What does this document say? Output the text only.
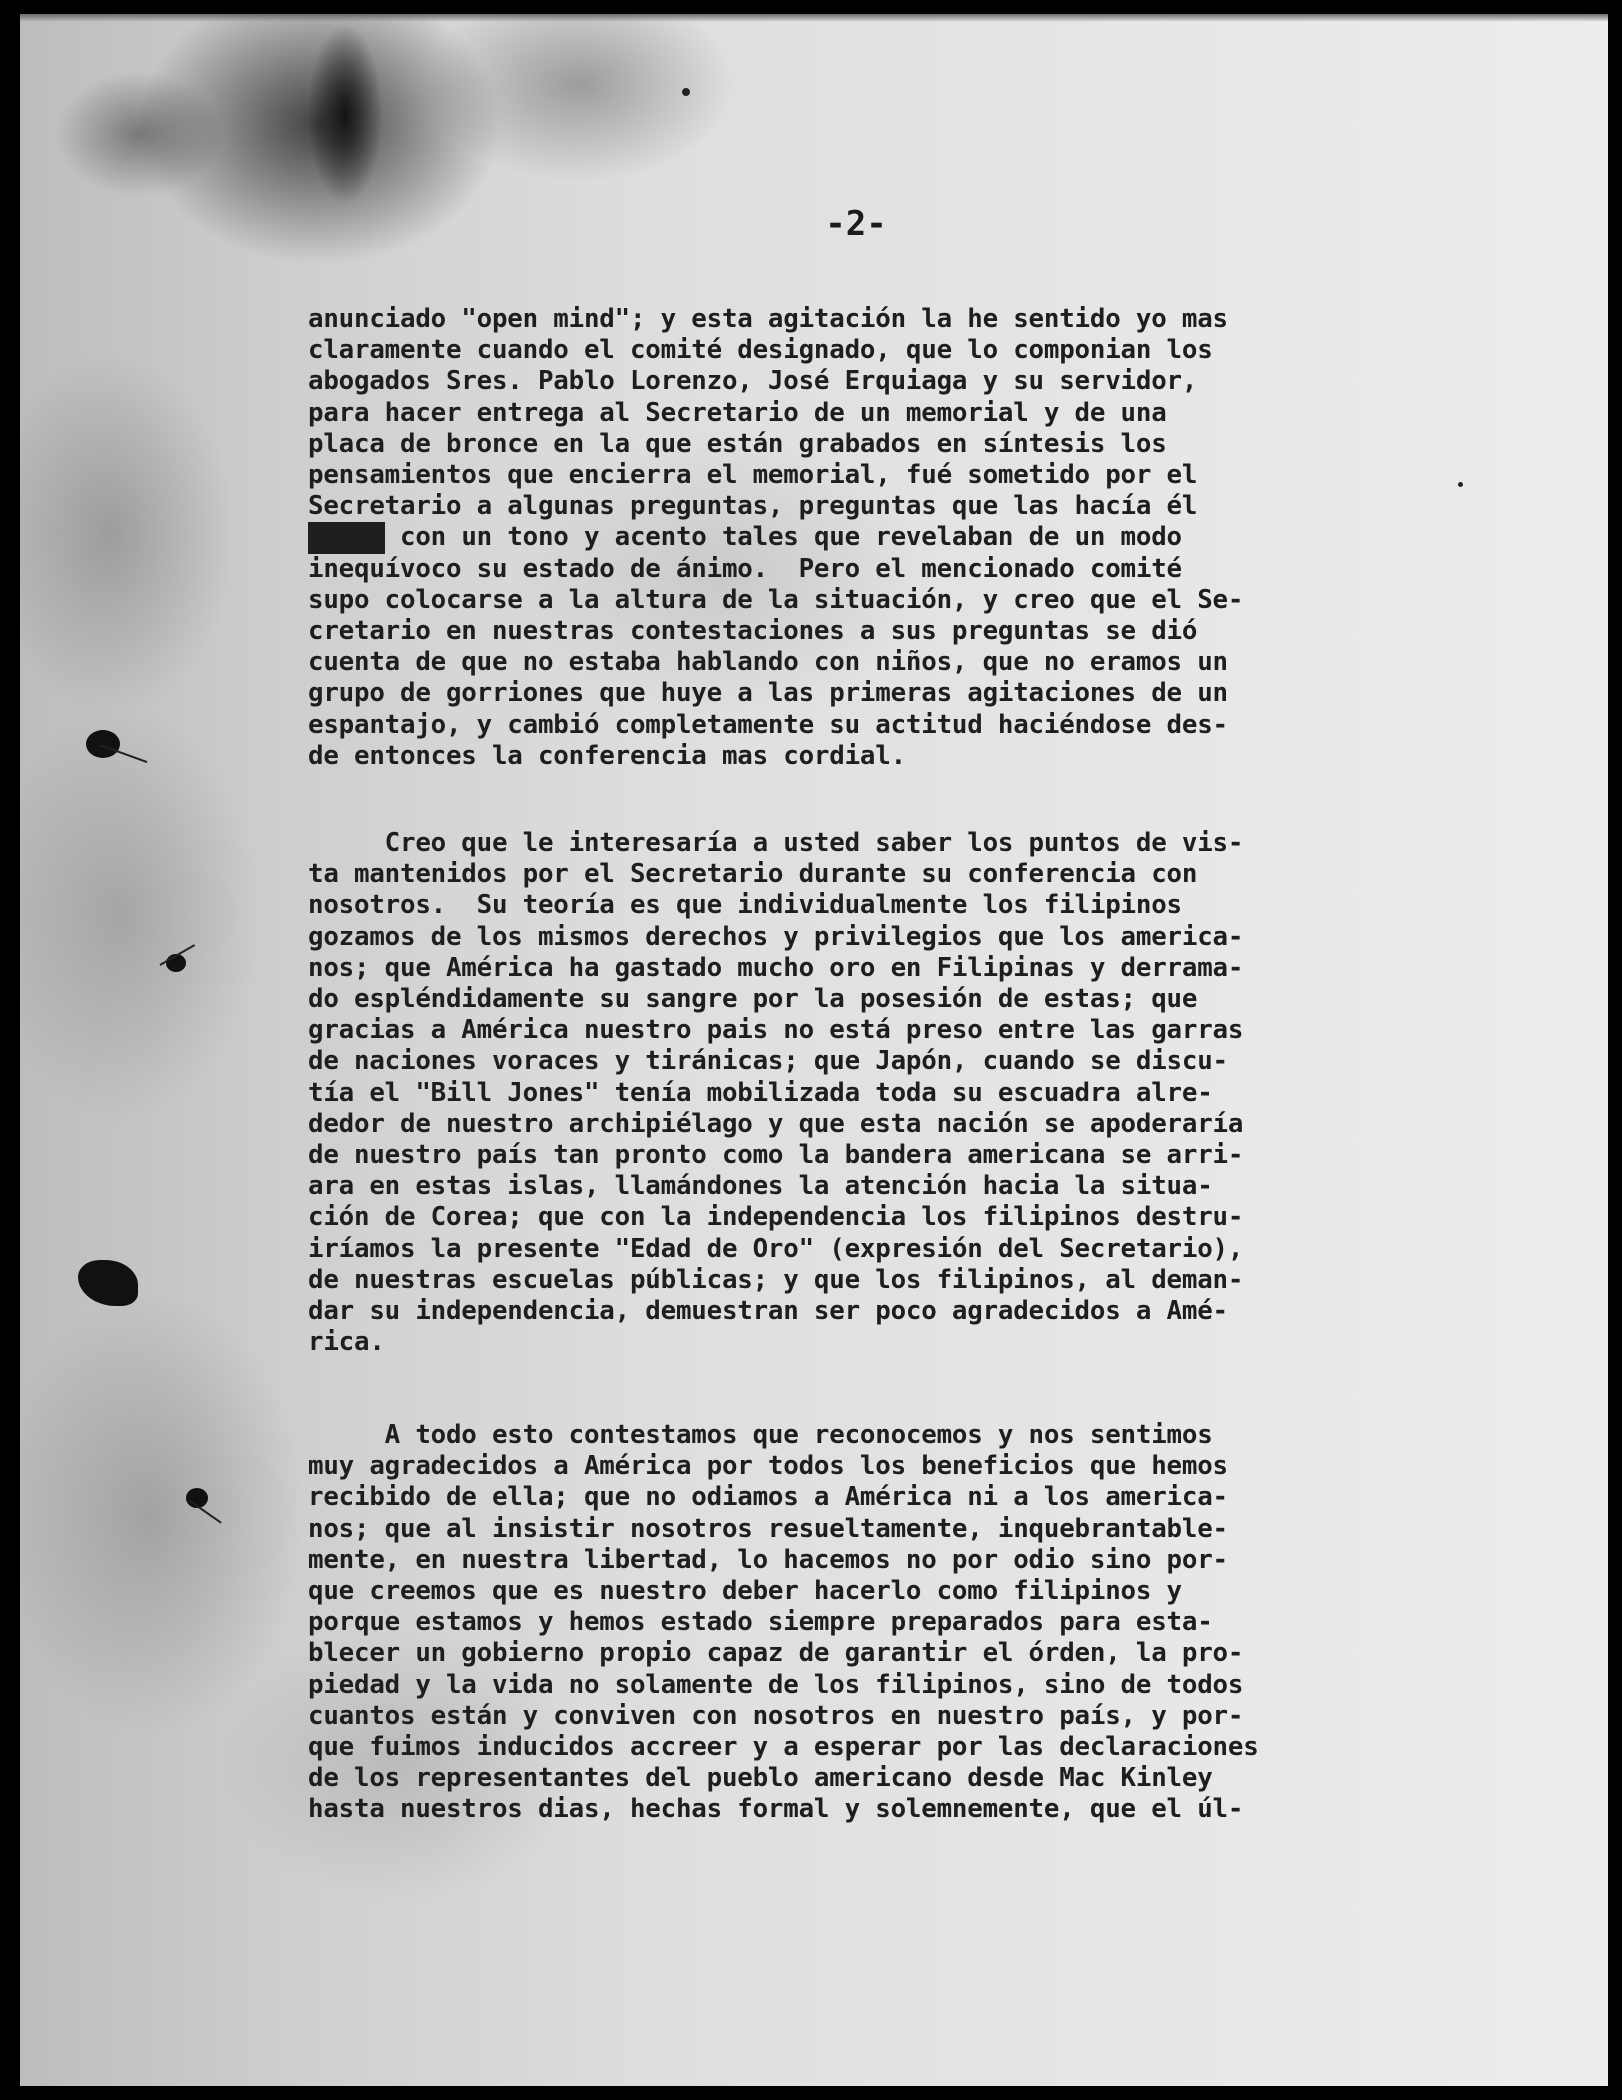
-2-
anunciado "open mind"; y esta agitación la he sentido yo mas
claramente cuando el comité designado, que lo componian los
abogados Sres. Pablo Lorenzo, José Erquiaga y su servidor,
para hacer entrega al Secretario de un memorial y de una
placa de bronce en la que están grabados en síntesis los
pensamientos que encierra el memorial, fué sometido por el
Secretario a algunas preguntas, preguntas que las hacía él
mismo con un tono y acento tales que revelaban de un modo
inequívoco su estado de ánimo.  Pero el mencionado comité
supo colocarse a la altura de la situación, y creo que el Se-
cretario en nuestras contestaciones a sus preguntas se dió
cuenta de que no estaba hablando con niños, que no eramos un
grupo de gorriones que huye a las primeras agitaciones de un
espantajo, y cambió completamente su actitud haciéndose des-
de entonces la conferencia mas cordial.
Creo que le interesaría a usted saber los puntos de vis-
ta mantenidos por el Secretario durante su conferencia con
nosotros.  Su teoría es que individualmente los filipinos
gozamos de los mismos derechos y privilegios que los america-
nos; que América ha gastado mucho oro en Filipinas y derrama-
do espléndidamente su sangre por la posesión de estas; que
gracias a América nuestro pais no está preso entre las garras
de naciones voraces y tiránicas; que Japón, cuando se discu-
tía el "Bill Jones" tenía mobilizada toda su escuadra alre-
dedor de nuestro archipiélago y que esta nación se apoderaría
de nuestro país tan pronto como la bandera americana se arri-
ara en estas islas, llamándones la atención hacia la situa-
ción de Corea; que con la independencia los filipinos destru-
iríamos la presente "Edad de Oro" (expresión del Secretario),
de nuestras escuelas públicas; y que los filipinos, al deman-
dar su independencia, demuestran ser poco agradecidos a Amé-
rica.
A todo esto contestamos que reconocemos y nos sentimos
muy agradecidos a América por todos los beneficios que hemos
recibido de ella; que no odiamos a América ni a los america-
nos; que al insistir nosotros resueltamente, inquebrantable-
mente, en nuestra libertad, lo hacemos no por odio sino por-
que creemos que es nuestro deber hacerlo como filipinos y
porque estamos y hemos estado siempre preparados para esta-
blecer un gobierno propio capaz de garantir el órden, la pro-
piedad y la vida no solamente de los filipinos, sino de todos
cuantos están y conviven con nosotros en nuestro país, y por-
que fuimos inducidos accreer y a esperar por las declaraciones
de los representantes del pueblo americano desde Mac Kinley
hasta nuestros dias, hechas formal y solemnemente, que el úl-
